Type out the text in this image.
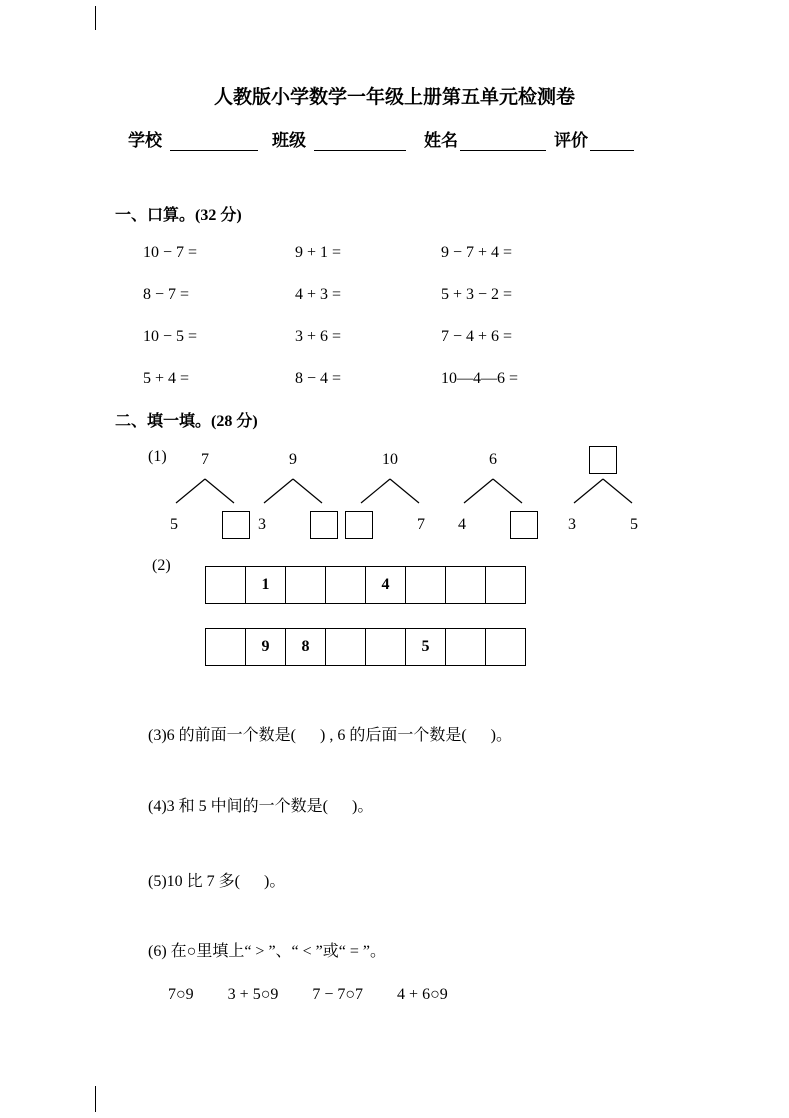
人教版小学数学一年级上册第五单元检测卷
学校	班级	姓名	评价
一、口算。(32 分)
10 − 7 =	9 + 1 =	9 − 7 + 4 =
8 − 7 =	4 + 3 =	5 + 3 − 2 =
10 − 5 =	3 + 6 =	7 − 4 + 6 =
5 + 4 =	8 − 4 =	10—4—6 =
二、填一填。(28 分)
(1)	7
5
9
3
10
7
6
4	3	5
(2)
1	4
9	8	5
(3)6 的前面一个数是(      ) , 6 的后面一个数是(      )。
(4)3 和 5 中间的一个数是(      )。
(5)10 比 7 多(      )。
(6) 在○里填上“ > ”、“ < ”或“ = ”。
7○9 3 + 5○9 7 − 7○7 4 + 6○9
